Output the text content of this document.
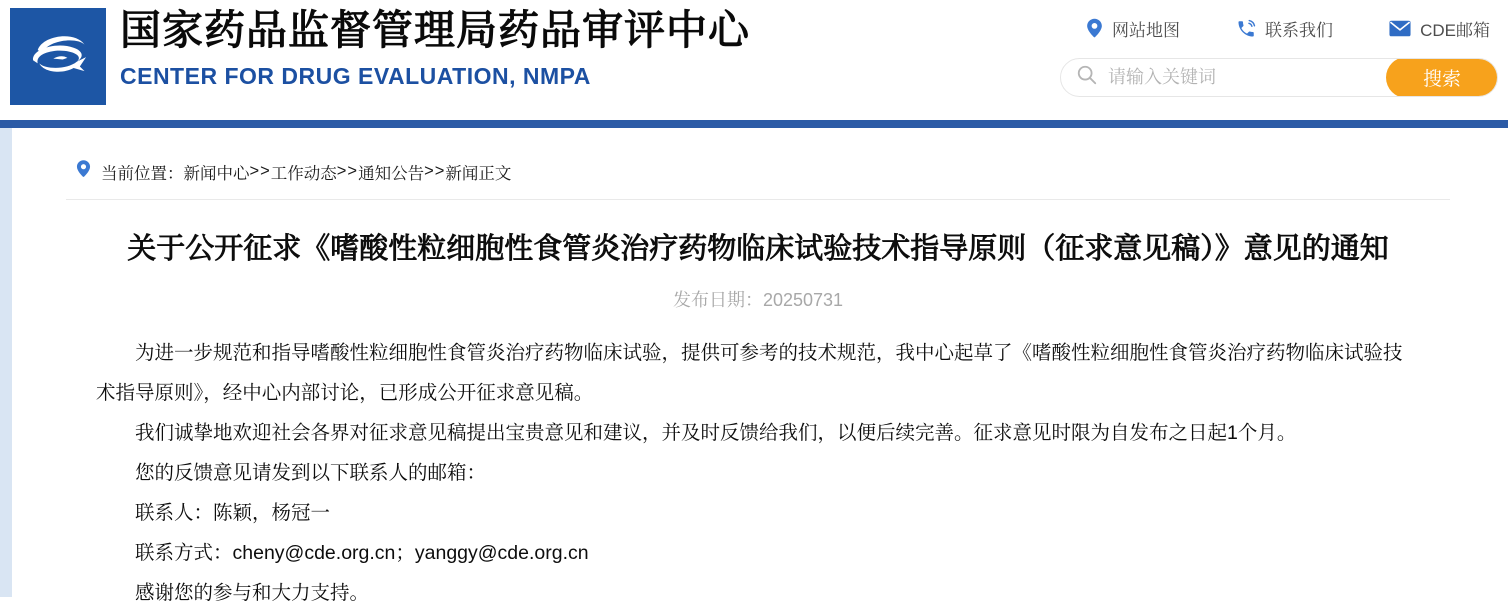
国家药品监督管理局药品审评中心
CENTER FOR DRUG EVALUATION, NMPA
网站地图	联系我们	CDE邮箱
请输入关键词
搜索
当前位置： 新闻中心 >> 工作动态 >> 通知公告 >> 新闻正文
关于公开征求《嗜酸性粒细胞性食管炎治疗药物临床试验技术指导原则（征求意见稿）》意见的通知
发布日期：20250731

为进一步规范和指导嗜酸性粒细胞性食管炎治疗药物临床试验，提供可参考的技术规范，我中心起草了《嗜酸性粒细胞性食管炎治疗药物临床试验技术指导原则》，经中心内部讨论，已形成公开征求意见稿。

我们诚挚地欢迎社会各界对征求意见稿提出宝贵意见和建议，并及时反馈给我们，以便后续完善。征求意见时限为自发布之日起1个月。

您的反馈意见请发到以下联系人的邮箱：

联系人：陈颖，杨冠一

联系方式：cheny@cde.org.cn；yanggy@cde.org.cn

感谢您的参与和大力支持。
